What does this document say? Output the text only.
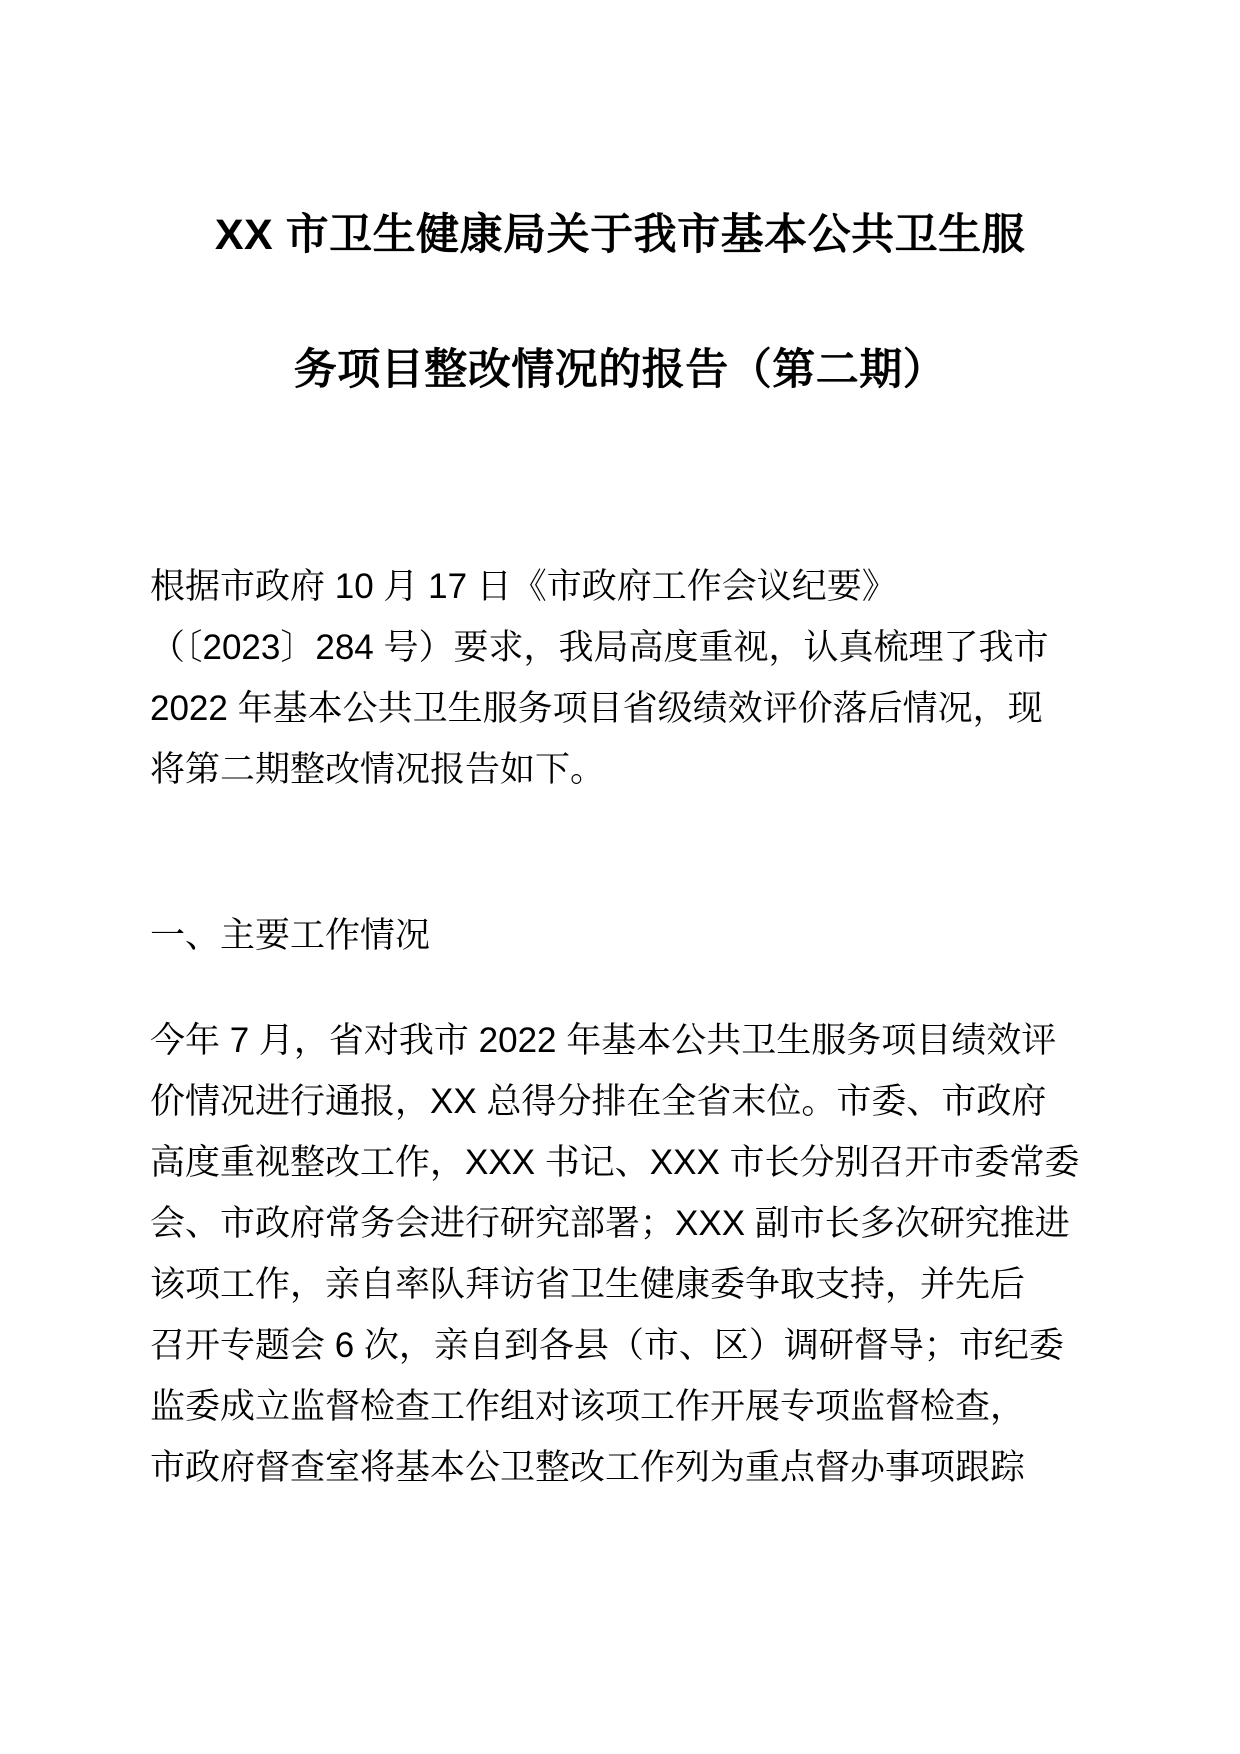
XX 市卫生健康局关于我市基本公共卫生服
务项目整改情况的报告（第二期）

根据市政府 10 月 17 日《市政府工作会议纪要》
（〔2023〕284 号）要求，我局高度重视，认真梳理了我市
2022 年基本公共卫生服务项目省级绩效评价落后情况，现
将第二期整改情况报告如下。

一、主要工作情况

今年 7 月，省对我市 2022 年基本公共卫生服务项目绩效评
价情况进行通报，XX 总得分排在全省末位。市委、市政府
高度重视整改工作，XXX 书记、XXX 市长分别召开市委常委
会、市政府常务会进行研究部署；XXX 副市长多次研究推进
该项工作，亲自率队拜访省卫生健康委争取支持，并先后
召开专题会 6 次，亲自到各县（市、区）调研督导；市纪委
监委成立监督检查工作组对该项工作开展专项监督检查，
市政府督查室将基本公卫整改工作列为重点督办事项跟踪
